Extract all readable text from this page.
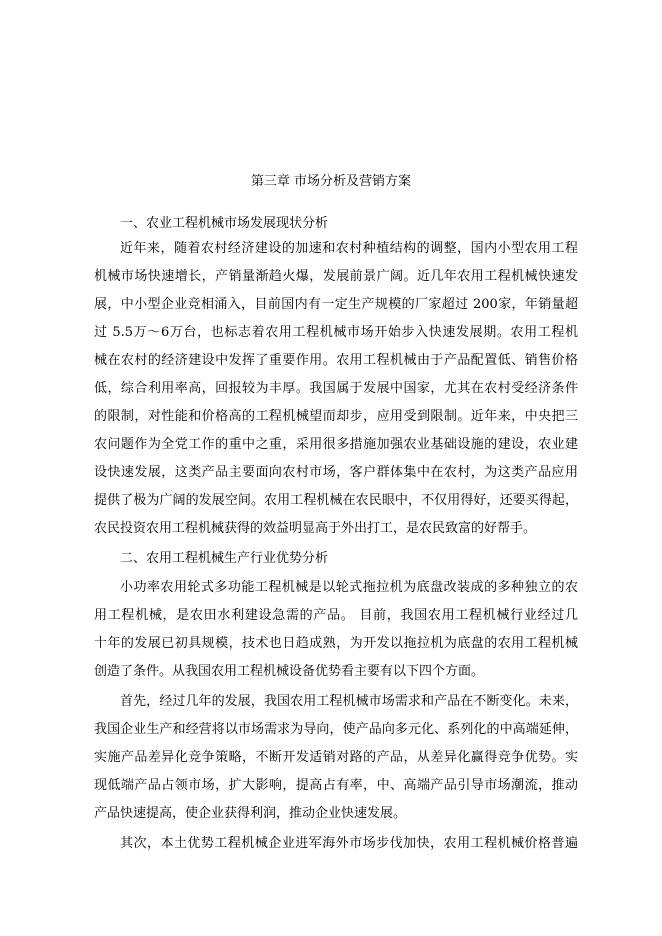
第三章 市场分析及营销方案
一、农业工程机械市场发展现状分析
近年来，随着农村经济建设的加速和农村种植结构的调整，国内小型农用工程
机械市场快速增长，产销量渐趋火爆，发展前景广阔。近几年农用工程机械快速发
展，中小型企业竞相涌入，目前国内有一定生产规模的厂家超过 200家，年销量超
过 5.5万～6万台，也标志着农用工程机械市场开始步入快速发展期。农用工程机
械在农村的经济建设中发挥了重要作用。农用工程机械由于产品配置低、销售价格
低，综合利用率高，回报较为丰厚。我国属于发展中国家，尤其在农村受经济条件
的限制，对性能和价格高的工程机械望而却步，应用受到限制。近年来，中央把三
农问题作为全党工作的重中之重，采用很多措施加强农业基础设施的建设，农业建
设快速发展，这类产品主要面向农村市场，客户群体集中在农村，为这类产品应用
提供了极为广阔的发展空间。农用工程机械在农民眼中，不仅用得好，还要买得起，
农民投资农用工程机械获得的效益明显高于外出打工，是农民致富的好帮手。
二、农用工程机械生产行业优势分析
小功率农用轮式多功能工程机械是以轮式拖拉机为底盘改装成的多种独立的农
用工程机械，是农田水利建设急需的产品。 目前，我国农用工程机械行业经过几
十年的发展已初具规模，技术也日趋成熟，为开发以拖拉机为底盘的农用工程机械
创造了条件。从我国农用工程机械设备优势看主要有以下四个方面。
首先，经过几年的发展，我国农用工程机械市场需求和产品在不断变化。未来，
我国企业生产和经营将以市场需求为导向，使产品向多元化、系列化的中高端延伸，
实施产品差异化竞争策略，不断开发适销对路的产品，从差异化赢得竞争优势。实
现低端产品占领市场，扩大影响，提高占有率，中、高端产品引导市场潮流，推动
产品快速提高，使企业获得利润，推动企业快速发展。
其次，本土优势工程机械企业进军海外市场步伐加快，农用工程机械价格普遍
